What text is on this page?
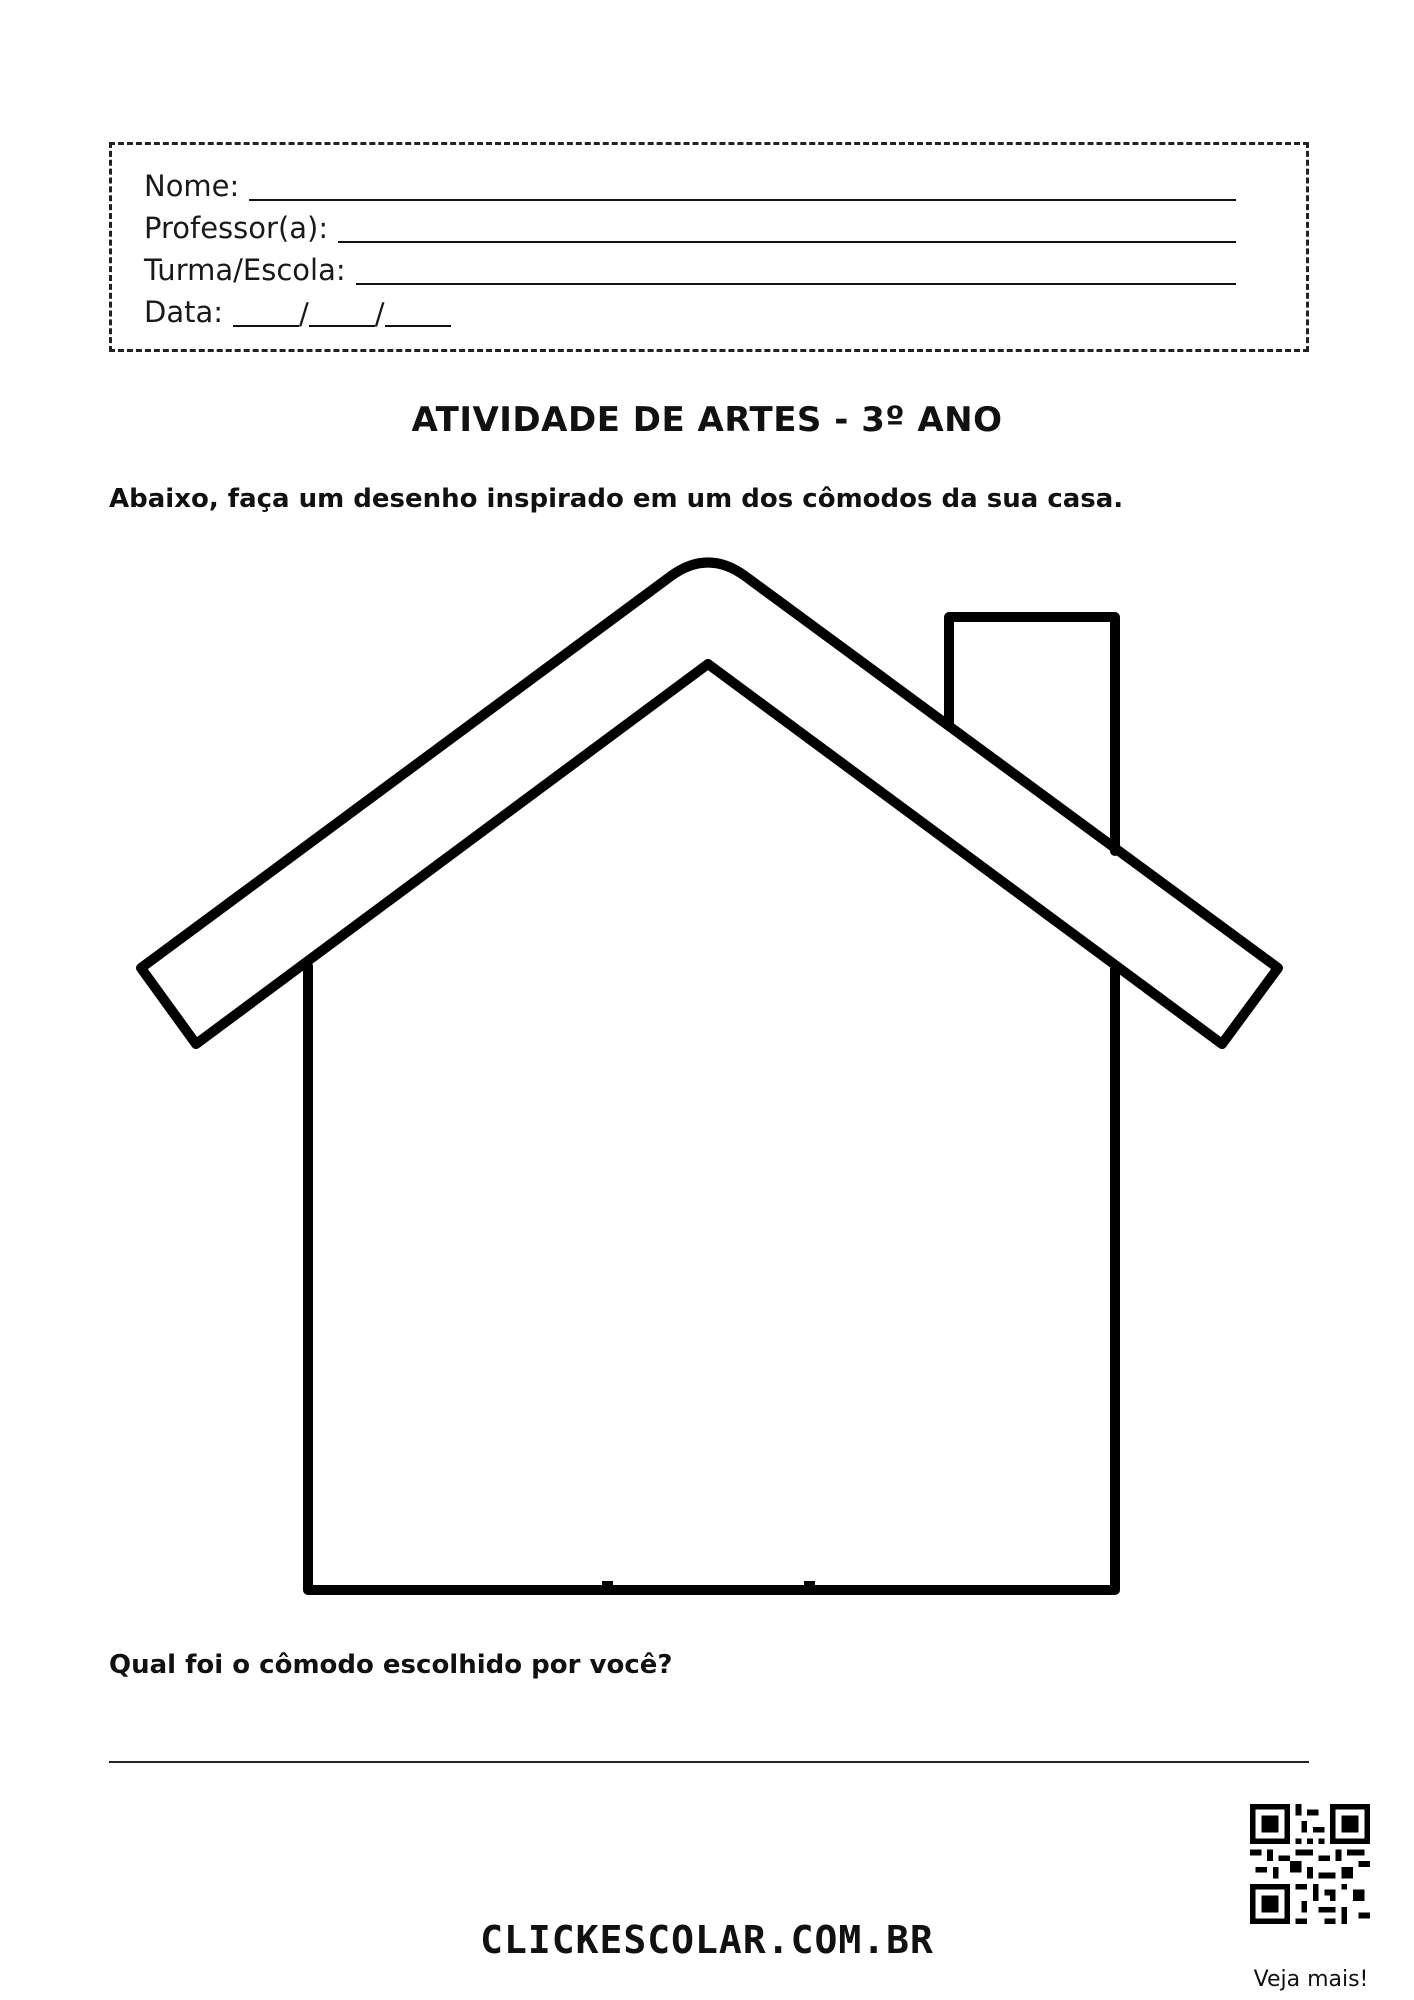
Nome:
Professor(a):
Turma/Escola:
Data:	/ /
ATIVIDADE DE ARTES - 3º ANO
Abaixo, faça um desenho inspirado em um dos cômodos da sua casa.
Qual foi o cômodo escolhido por você?
CLICKESCOLAR.COM.BR
Veja mais!
